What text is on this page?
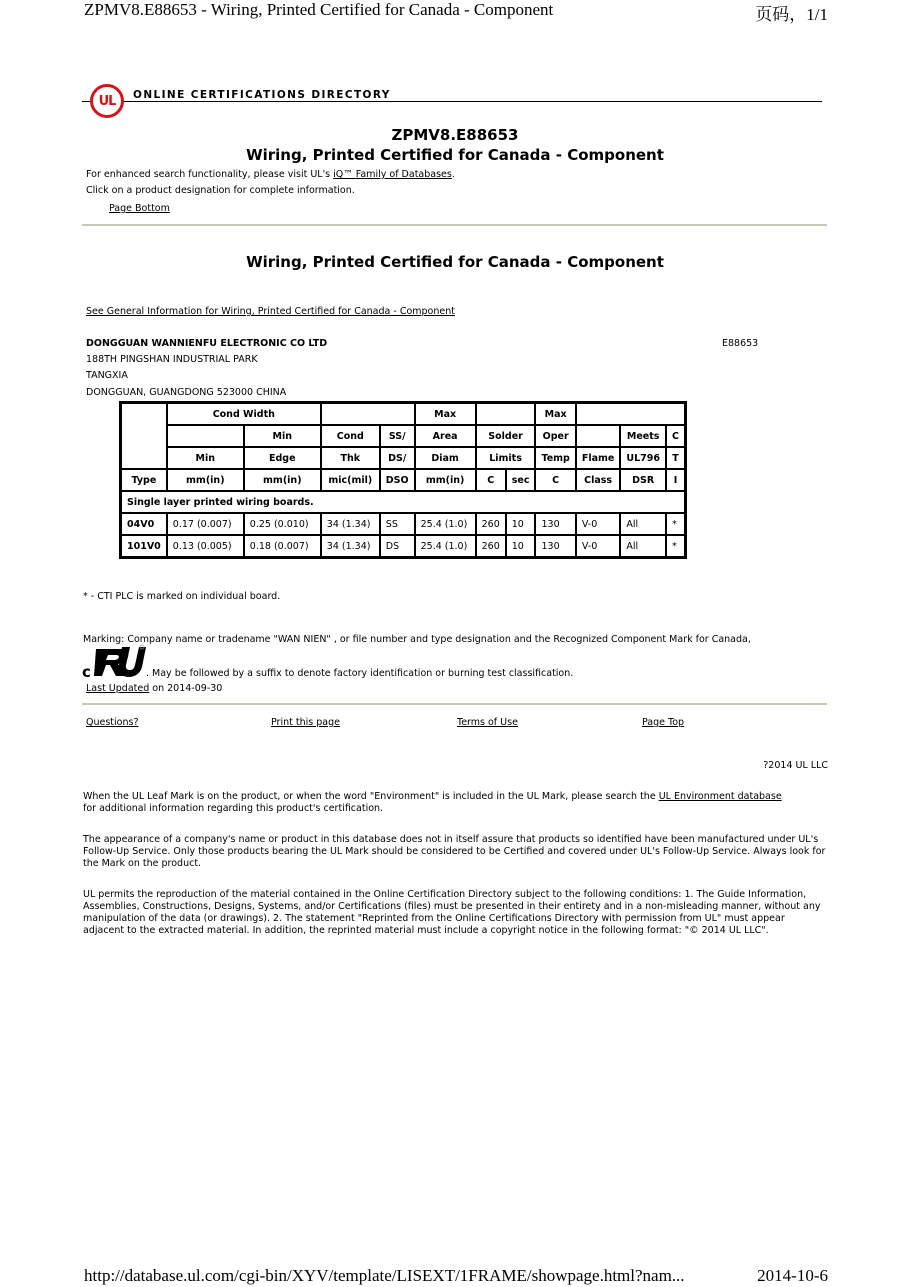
ZPMV8.E88653 - Wiring, Printed Certified for Canada - Component	页码，1/1
UL ONLINE CERTIFICATIONS DIRECTORY
ZPMV8.E88653
Wiring, Printed Certified for Canada - Component
For enhanced search functionality, please visit UL's iQ™ Family of Databases.
Click on a product designation for complete information.
Page Bottom
Wiring, Printed Certified for Canada - Component
See General Information for Wiring, Printed Certified for Canada - Component
DONGGUAN WANNIENFU ELECTRONIC CO LTD	E88653
188TH PINGSHAN INDUSTRIAL PARK
TANGXIA
DONGGUAN, GUANGDONG 523000 CHINA
	Cond Width				Max			Max			
		Min	Cond	SS/	Area	Solder		Oper		Meets	C
	Min	Edge	Thk	DS/	Diam	Limits		Temp	Flame	UL796	T
Type	mm(in)	mm(in)	mic(mil)	DSO	mm(in)	C	sec	C	Class	DSR	I
Single layer printed wiring boards.											
04V0	0.17 (0.007)	0.25 (0.010)	34 (1.34)	SS	25.4 (1.0)	260	10	130	V-0	All	*
101V0	0.13 (0.005)	0.18 (0.007)	34 (1.34)	DS	25.4 (1.0)	260	10	130	V-0	All	*
* - CTI PLC is marked on individual board.
Marking: Company name or tradename "WAN NIEN" , or file number and type designation and the Recognized Component Mark for Canada,
c	. May be followed by a suffix to denote factory identification or burning test classification.
Last Updated on 2014-09-30
Questions?	Print this page	Terms of Use	Page Top
?2014 UL LLC
When the UL Leaf Mark is on the product, or when the word "Environment" is included in the UL Mark, please search the UL Environment database
for additional information regarding this product's certification.
The appearance of a company's name or product in this database does not in itself assure that products so identified have been manufactured under UL's Follow-Up Service. Only those products bearing the UL Mark should be considered to be Certified and covered under UL's Follow-Up Service. Always look for the Mark on the product.
UL permits the reproduction of the material contained in the Online Certification Directory subject to the following conditions: 1. The Guide Information, Assemblies, Constructions, Designs, Systems, and/or Certifications (files) must be presented in their entirety and in a non-misleading manner, without any manipulation of the data (or drawings). 2. The statement "Reprinted from the Online Certifications Directory with permission from UL" must appear adjacent to the extracted material. In addition, the reprinted material must include a copyright notice in the following format: "© 2014 UL LLC".
http://database.ul.com/cgi-bin/XYV/template/LISEXT/1FRAME/showpage.html?nam...	2014-10-6
